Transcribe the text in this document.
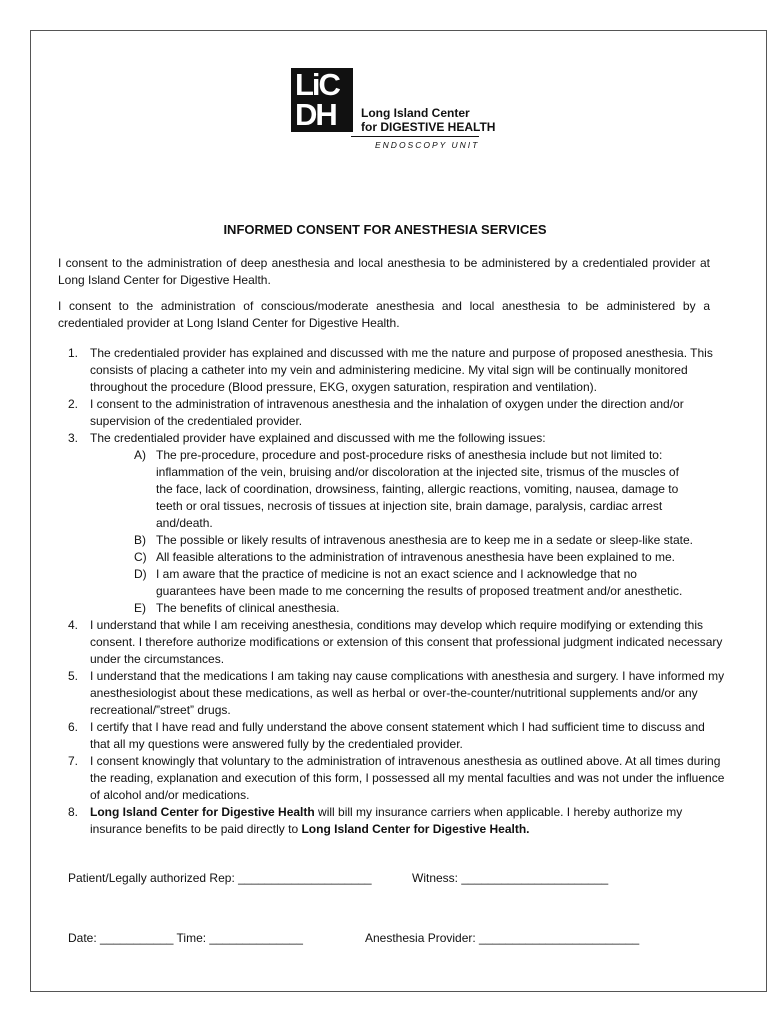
LiC
DH Long Island Center
for DIGESTIVE HEALTH
ENDOSCOPY UNIT
INFORMED CONSENT FOR ANESTHESIA SERVICES
I consent to the administration of deep anesthesia and local anesthesia to be administered by a credentialed provider at Long Island Center for Digestive Health.
I consent to the administration of conscious/moderate anesthesia and local anesthesia to be administered by a credentialed provider at Long Island Center for Digestive Health.
1. The credentialed provider has explained and discussed with me the nature and purpose of proposed anesthesia. This consists of placing a catheter into my vein and administering medicine. My vital sign will be continually monitored throughout the procedure (Blood pressure, EKG, oxygen saturation, respiration and ventilation).
2. I consent to the administration of intravenous anesthesia and the inhalation of oxygen under the direction and/or supervision of the credentialed provider.
3. The credentialed provider have explained and discussed with me the following issues:
A) The pre-procedure, procedure and post-procedure risks of anesthesia include but not limited to: inflammation of the vein, bruising and/or discoloration at the injected site, trismus of the muscles of the face, lack of coordination, drowsiness, fainting, allergic reactions, vomiting, nausea, damage to teeth or oral tissues, necrosis of tissues at injection site, brain damage, paralysis, cardiac arrest and/death.
B) The possible or likely results of intravenous anesthesia are to keep me in a sedate or sleep-like state.
C) All feasible alterations to the administration of intravenous anesthesia have been explained to me.
D) I am aware that the practice of medicine is not an exact science and I acknowledge that no guarantees have been made to me concerning the results of proposed treatment and/or anesthetic.
E) The benefits of clinical anesthesia.
4. I understand that while I am receiving anesthesia, conditions may develop which require modifying or extending this consent. I therefore authorize modifications or extension of this consent that professional judgment indicated necessary under the circumstances.
5. I understand that the medications I am taking nay cause complications with anesthesia and surgery. I have informed my anesthesiologist about these medications, as well as herbal or over-the-counter/nutritional supplements and/or any recreational/”street” drugs.
6. I certify that I have read and fully understand the above consent statement which I had sufficient time to discuss and that all my questions were answered fully by the credentialed provider.
7. I consent knowingly that voluntary to the administration of intravenous anesthesia as outlined above. At all times during the reading, explanation and execution of this form, I possessed all my mental faculties and was not under the influence of alcohol and/or medications.
8. Long Island Center for Digestive Health will bill my insurance carriers when applicable. I hereby authorize my insurance benefits to be paid directly to Long Island Center for Digestive Health.
Patient/Legally authorized Rep: ____________________	Witness: ______________________
Date: ___________ Time: ______________	Anesthesia Provider: ________________________
